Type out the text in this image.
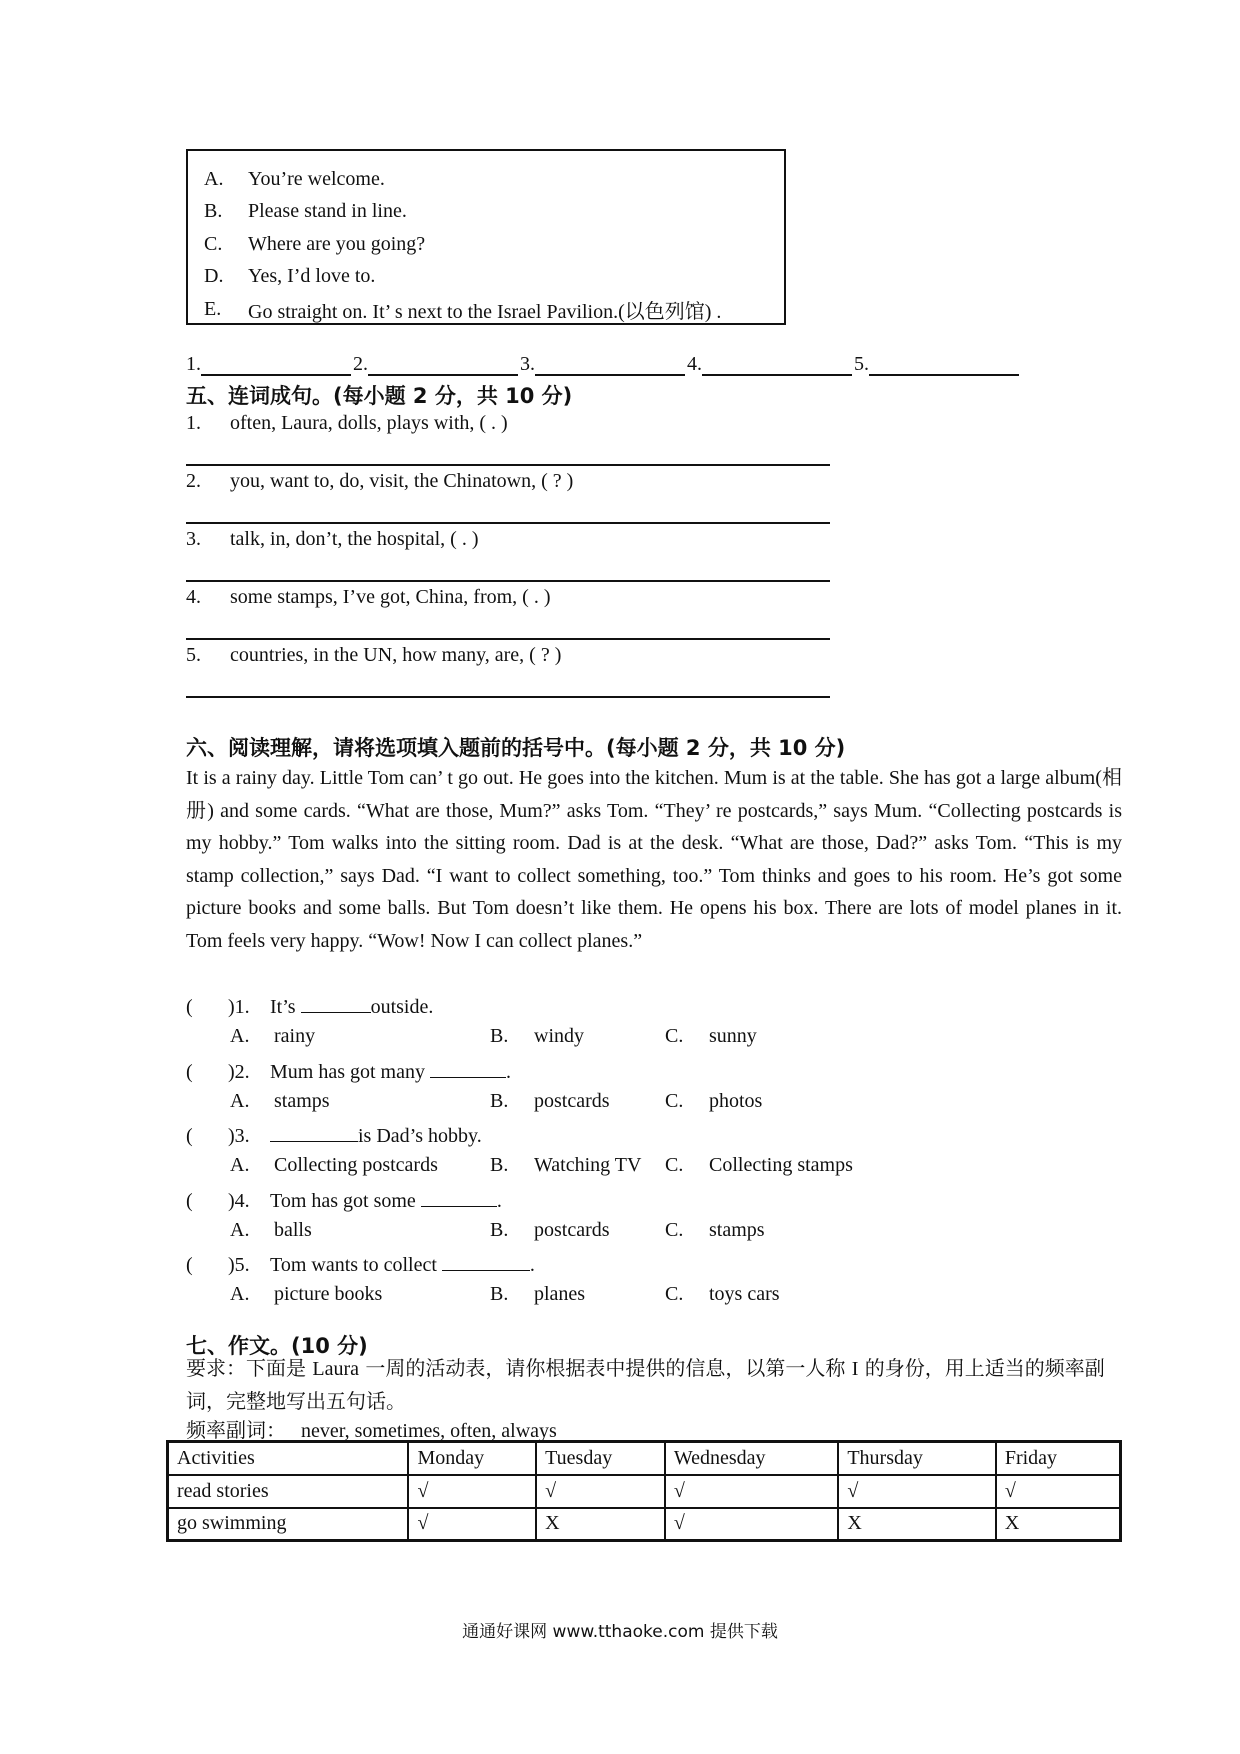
A.	You’re welcome.
B.	Please stand in line.
C.	Where are you going?
D.	Yes, I’d love to.
E.	Go straight on. It’ s next to the Israel Pavilion.(以色列馆) .
1.	2.	3.	4.	5.
五、连词成句。(每小题 2 分，共 10 分)
1. often, Laura, dolls, plays with, ( . )
2. you, want to, do, visit, the Chinatown, ( ? )
3. talk, in, don’t, the hospital, ( . )
4. some stamps, I’ve got, China, from, ( . )
5. countries, in the UN, how many, are, ( ? )
六、阅读理解，请将选项填入题前的括号中。(每小题 2 分，共 10 分)
It is a rainy day. Little Tom can’ t go out. He goes into the kitchen. Mum is at the table. She has got a large album(相册) and some cards. “What are those, Mum?” asks Tom. “They’ re postcards,” says Mum. “Collecting postcards is my hobby.” Tom walks into the sitting room. Dad is at the desk. “What are those, Dad?” asks Tom. “This is my stamp collection,” says Dad. “I want to collect something, too.” Tom thinks and goes to his room. He’s got some picture books and some balls. But Tom doesn’t like them. He opens his box. There are lots of model planes in it. Tom feels very happy. “Wow! Now I can collect planes.”
( )1. It’s	outside.
A. rainy	B. windy	C. sunny
( )2. Mum has got many	.
A. stamps	B. postcards	C. photos
( )3.	is Dad’s hobby.
A. Collecting postcards	B. Watching TV C. Collecting stamps
( )4. Tom has got some	.
A. balls	B. postcards	C. stamps
( )5. Tom wants to collect	.
A. picture books	B. planes	C. toys cars
七、作文。(10 分)
要求：下面是 Laura 一周的活动表，请你根据表中提供的信息，以第一人称 I 的身份，用上适当的频率副词，完整地写出五句话。
频率副词： never, sometimes, often, always
Activities	Monday	Tuesday	Wednesday	Thursday	Friday
read stories	√	√	√	√	√
go swimming	√	X	√	X	X
通通好课网 www.tthaoke.com 提供下载
